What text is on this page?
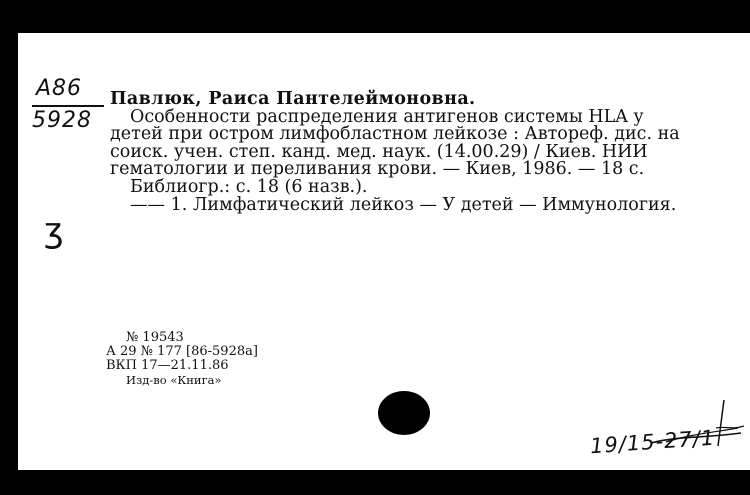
A86
5928
ʒ
Павлюк, Раиса Пантелеймоновна.
Особенности распределения антигенов системы HLA у детей при остром лимфобластном лейкозе : Автореф. дис. на соиск. учен. степ. канд. мед. наук. (14.00.29) / Киев. НИИ гематологии и переливания крови. — Киев, 1986. — 18 с.
Библиогр.: с. 18 (6 назв.).
—— 1. Лимфатический лейкоз — У детей — Иммунология.
№ 19543
А 29 № 177 [86-5928а]
ВКП 17—21.11.86
Изд-во «Книга»
19/15-27/1
